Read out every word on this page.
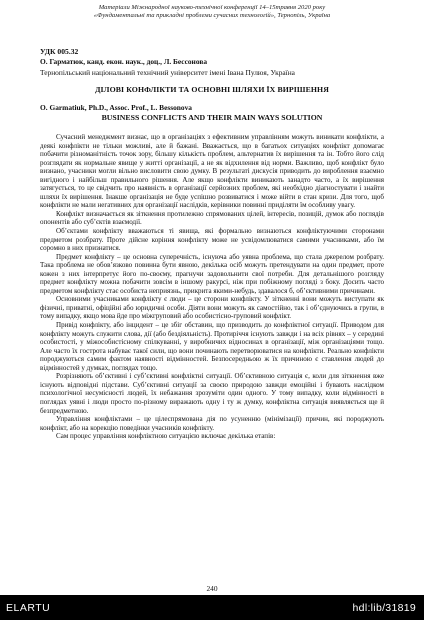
Матеріали Міжнародної науково-технічної конференції 14–15травня 2020 року
«Фундаментальні та прикладні проблеми сучасних технологій», Тернопіль, Україна
УДК 005.32
О. Гарматюк, канд. екон. наук., доц., Л. Бессонова
Тернопільський національний технічний університет імені Івана Пулюя, Україна
ДІЛОВІ КОНФЛІКТИ ТА ОСНОВНІ ШЛЯХИ ЇХ ВИРІШЕННЯ
O. Garmatiuk, Ph.D., Assoc. Prof., L. Bessonova
BUSINESS CONFLICTS AND THEIR MAIN WAYS SOLUTION

Сучасний менеджмент визнає, що в організаціях з ефективним управлінням можуть виникати конфлікти, а деякі конфлікти не тільки можливі, але й бажані. Вважається, що в багатьох ситуаціях конфлікт допомагає побачити різноманітність точок зору, більшу кількість проблем, альтернатив їх вирішення та ін. Тобто його слід розглядати як нормальне явище у житті організації, а не як відхилення від норми. Важливо, щоб конфлікт було визнано, учасники могли вільно висловити свою думку. В результаті дискусія приводить до вироблення взаємно вигідного і найбільш правильного рішення. Але якщо конфлікти виникають занадто часто, а їх вирішення затягується, то це свідчить про наявність в організації серйозних проблем, які необхідно діагностувати і знайти шляхи їх вирішення. Інакше організація не буде успішно розвиватися і може війти в стан кризи. Для того, щоб конфлікти не мали негативних для організації наслідків, керівники повинні приділяти їм особливу увагу.

Конфлікт визначається як зіткнення протилежно спрямованих цілей, інтересів, позицій, думок або поглядів опонентів або суб’єктів взаємодії.

Об’єктами конфлікту вважаються ті явища, які формально визнаються конфліктуючими сторонами предметом розбрату. Проте дійсне коріння конфлікту може не усвідомлюватися самими учасниками, або їм соромно в них признатися.

Предмет конфлікту – це основна суперечність, існуюча або уявна проблема, що стала джерелом розбрату. Така проблема не обов’язково повинна бути явною, декілька осіб можуть претендувати на один предмет, проте кожен з них інтерпретує його по-своєму, прагнучи задовольнити свої потреби. Для детальнішого розгляду предмет конфлікту можна побачити зовсім в іншому ракурсі, ніж при побіжному погляді з боку. Досить часто предметом конфлікту стає особиста неприязнь, прикрита якими-небудь, здавалося б, об’єктивними причинами.

Основними учасниками конфлікту є люди – це сторони конфлікту. У зіткненні вони можуть виступати як фізичні, приватні, офіційні або юридичні особи. Діяти вони можуть як самостійно, так і об’єднуючись в групи, в тому випадку, якщо мова йде про міжгруповий або особистісно-груповий конфлікт.

Привід конфлікту, або інцидент – це збіг обставин, що призводить до конфліктної ситуації. Приводом для конфлікту можуть служити слова, дії (або бездіяльність). Протиріччя існують завжди і на всіх рівнях – у середині особистості, у міжособистісному спілкуванні, у виробничих відносинах в організації, між організаціями тощо. Але часто їх гострота набуває такої сили, що вони починають перетворюватися на конфлікти. Реально конфлікти породжуються самим фактом наявності відмінностей. Безпосередньою ж їх причиною є ставлення людей до відмінностей у думках, поглядах тощо.

Розрізняють об’єктивні і суб’єктивні конфліктні ситуації. Об’єктивною ситуація є, коли для зіткнення вже існують відповідні підстави. Суб’єктивні ситуації за своєю природою завжди емоційні і бувають наслідком психологічної несумісності людей, їх небажання зрозуміти один одного. У тому випадку, коли відмінності в поглядах уявні і люди просто по-різному виражають одну і ту ж думку, конфліктна ситуація виявляється ще й безпредметною.

Управління конфліктами – це цілеспрямована дія по усуненню (мінімізації) причин, які породжують конфлікт, або на корекцію поведінки учасників конфлікту.

Сам процес управління конфліктною ситуацією включає декілька етапів:

240
ELARTU	hdl:lib/31819
